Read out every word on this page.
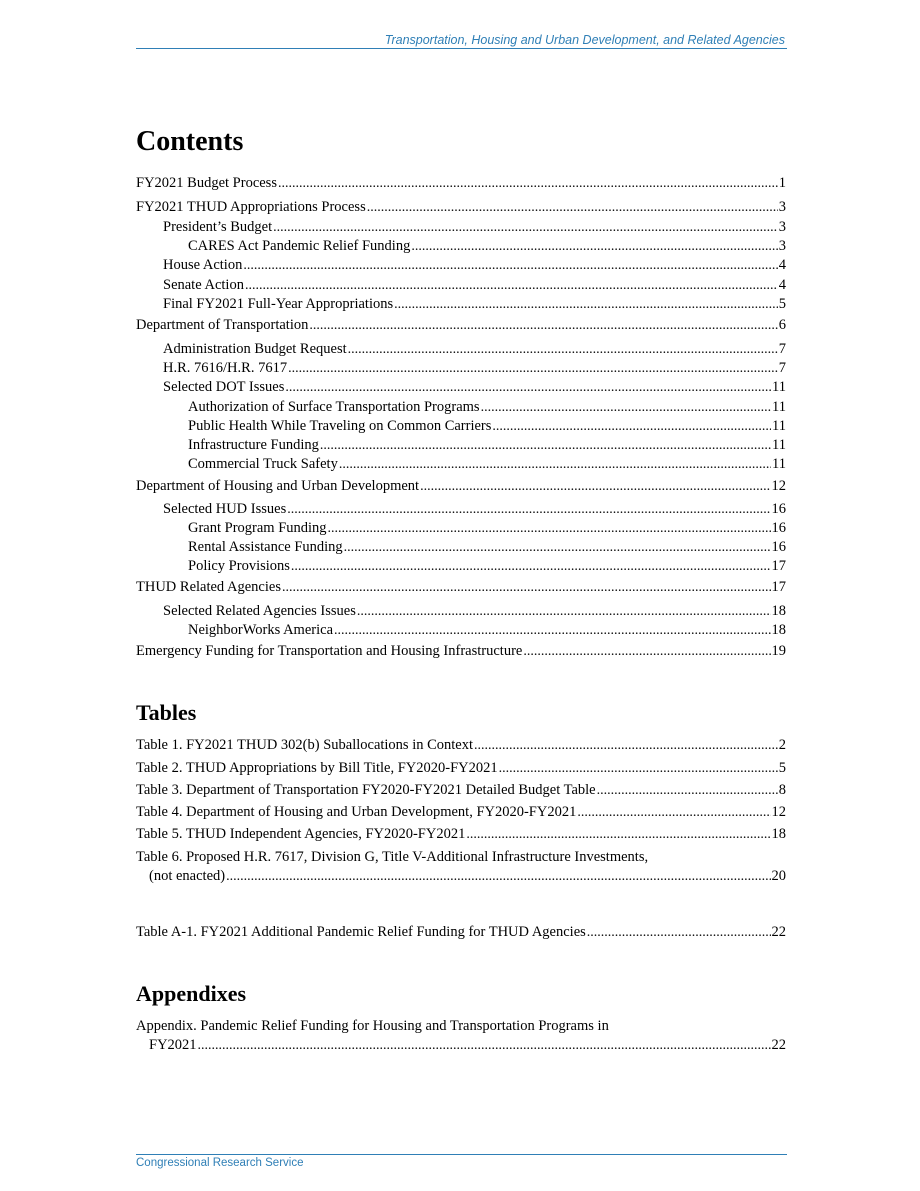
Transportation, Housing and Urban Development, and Related Agencies
Contents
FY2021 Budget Process .....	1
FY2021 THUD Appropriations Process .....	3
President’s Budget .....	3
CARES Act Pandemic Relief Funding .....	3
House Action .....	4
Senate Action .....	4
Final FY2021 Full-Year Appropriations .....	5
Department of Transportation .....	6
Administration Budget Request .....	7
H.R. 7616/H.R. 7617 .....	7
Selected DOT Issues .....	11
Authorization of Surface Transportation Programs .....	11
Public Health While Traveling on Common Carriers .....	11
Infrastructure Funding .....	11
Commercial Truck Safety .....	11
Department of Housing and Urban Development .....	12
Selected HUD Issues .....	16
Grant Program Funding .....	16
Rental Assistance Funding .....	16
Policy Provisions .....	17
THUD Related Agencies .....	17
Selected Related Agencies Issues .....	18
NeighborWorks America .....	18
Emergency Funding for Transportation and Housing Infrastructure .....	19
Tables
Table 1. FY2021 THUD 302(b) Suballocations in Context .....	2
Table 2. THUD Appropriations by Bill Title, FY2020-FY2021 .....	5
Table 3. Department of Transportation FY2020-FY2021 Detailed Budget Table .....	8
Table 4. Department of Housing and Urban Development, FY2020-FY2021 .....	12
Table 5. THUD Independent Agencies, FY2020-FY2021 .....	18
Table 6. Proposed H.R. 7617, Division G, Title V-Additional Infrastructure Investments,
(not enacted) .....	20
Table A-1. FY2021 Additional Pandemic Relief Funding for THUD Agencies .....	22
Appendixes
Appendix. Pandemic Relief Funding for Housing and Transportation Programs in
FY2021 .....	22
Congressional Research Service
